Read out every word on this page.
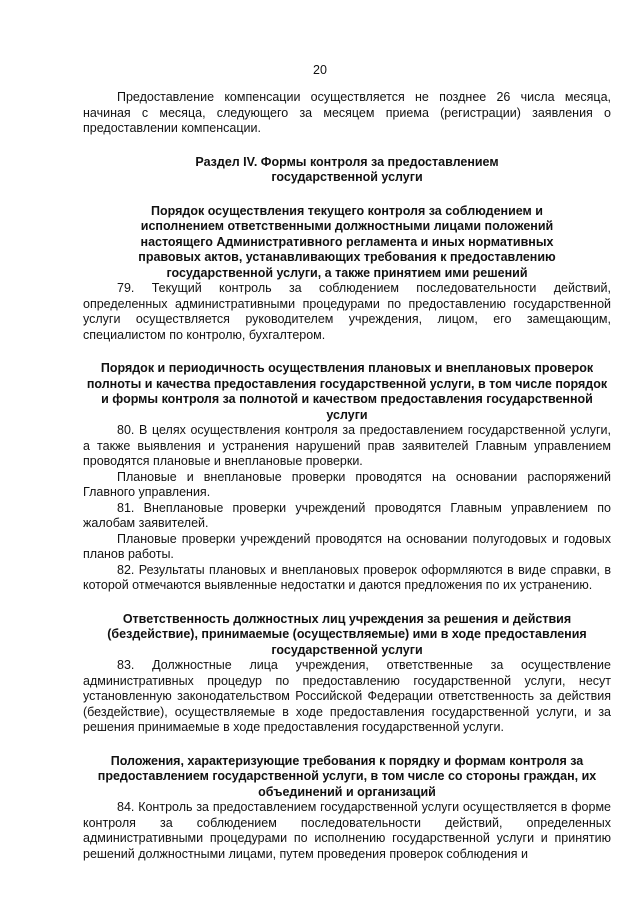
20

Предоставление компенсации осуществляется не позднее 26 числа месяца, начиная с месяца, следующего за месяцем приема (регистрации) заявления о предоставлении компенсации.

Раздел IV. Формы контроля за предоставлением государственной услуги
Порядок осуществления текущего контроля за соблюдением и исполнением ответственными должностными лицами положений настоящего Административного регламента и иных нормативных правовых актов, устанавливающих требования к предоставлению государственной услуги, а также принятием ими решений

79. Текущий контроль за соблюдением последовательности действий, определенных административными процедурами по предоставлению государственной услуги осуществляется руководителем учреждения, лицом, его замещающим, специалистом по контролю, бухгалтером.

Порядок и периодичность осуществления плановых и внеплановых проверок полноты и качества предоставления государственной услуги, в том числе порядок и формы контроля за полнотой и качеством предоставления государственной услуги

80. В целях осуществления контроля за предоставлением государственной услуги, а также выявления и устранения нарушений прав заявителей Главным управлением проводятся плановые и внеплановые проверки.

Плановые и внеплановые проверки проводятся на основании распоряжений Главного управления.

81. Внеплановые проверки учреждений проводятся Главным управлением по жалобам заявителей.

Плановые проверки учреждений проводятся на основании полугодовых и годовых планов работы.

82. Результаты плановых и внеплановых проверок оформляются в виде справки, в которой отмечаются выявленные недостатки и даются предложения по их устранению.

Ответственность должностных лиц учреждения за решения и действия (бездействие), принимаемые (осуществляемые) ими в ходе предоставления государственной услуги

83. Должностные лица учреждения, ответственные за осуществление административных процедур по предоставлению государственной услуги, несут установленную законодательством Российской Федерации ответственность за действия (бездействие), осуществляемые в ходе предоставления государственной услуги, и за решения принимаемые в ходе предоставления государственной услуги.

Положения, характеризующие требования к порядку и формам контроля за предоставлением государственной услуги, в том числе со стороны граждан, их объединений и организаций

84. Контроль за предоставлением государственной услуги осуществляется в форме контроля за соблюдением последовательности действий, определенных административными процедурами по исполнению государственной услуги и принятию решений должностными лицами, путем проведения проверок соблюдения и
